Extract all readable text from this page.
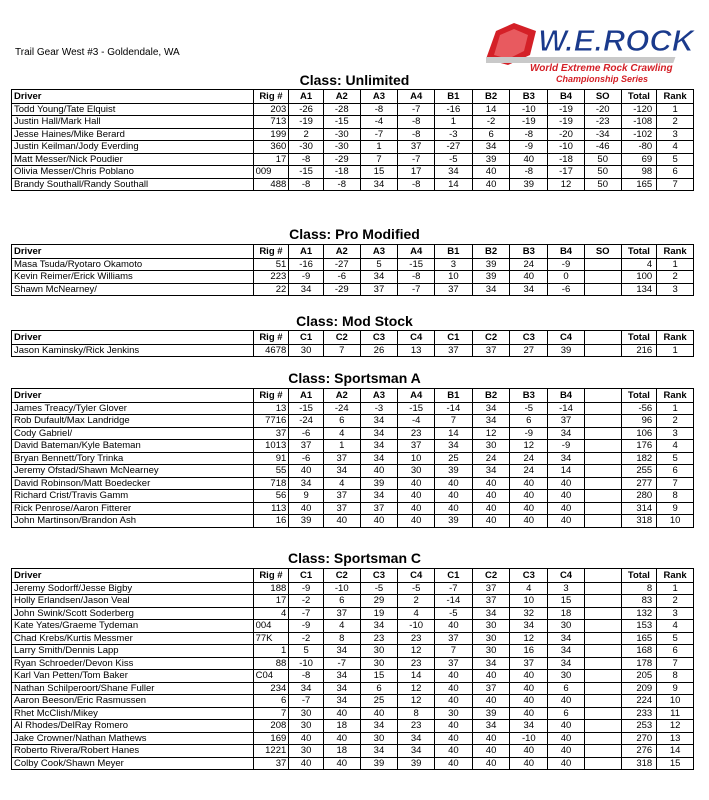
Trail Gear West #3 - Goldendale, WA	W.E.ROCK
World Extreme Rock Crawling
Championship Series
Class: Unlimited
Driver	Rig #	A1	A2	A3	A4	B1	B2	B3	B4	SO	Total	Rank
Todd Young/Tate Elquist	203	-26	-28	-8	-7	-16	14	-10	-19	-20	-120	1
Justin Hall/Mark Hall	713	-19	-15	-4	-8	1	-2	-19	-19	-23	-108	2
Jesse Haines/Mike Berard	199	2	-30	-7	-8	-3	6	-8	-20	-34	-102	3
Justin Keilman/Jody Everding	360	-30	-30	1	37	-27	34	-9	-10	-46	-80	4
Matt Messer/Nick Poudier	17	-8	-29	7	-7	-5	39	40	-18	50	69	5
Olivia Messer/Chris Poblano	009	-15	-18	15	17	34	40	-8	-17	50	98	6
Brandy Southall/Randy Southall	488	-8	-8	34	-8	14	40	39	12	50	165	7
Class: Pro Modified
Driver	Rig #	A1	A2	A3	A4	B1	B2	B3	B4	SO	Total	Rank
Masa Tsuda/Ryotaro Okamoto	51	-16	-27	5	-15	3	39	24	-9		4	1
Kevin Reimer/Erick Williams	223	-9	-6	34	-8	10	39	40	0		100	2
Shawn McNearney/	22	34	-29	37	-7	37	34	34	-6		134	3
Class: Mod Stock
Driver	Rig #	C1	C2	C3	C4	C1	C2	C3	C4		Total	Rank
Jason Kaminsky/Rick Jenkins	4678	30	7	26	13	37	37	27	39		216	1
Class: Sportsman A
Driver	Rig #	A1	A2	A3	A4	B1	B2	B3	B4		Total	Rank
James Treacy/Tyler Glover	13	-15	-24	-3	-15	-14	34	-5	-14		-56	1
Rob Dufault/Max Landridge	7716	-24	6	34	-4	7	34	6	37		96	2
Cody Gabriel/	37	-6	4	34	23	14	12	-9	34		106	3
David Bateman/Kyle Bateman	1013	37	1	34	37	34	30	12	-9		176	4
Bryan Bennett/Tory Trinka	91	-6	37	34	10	25	24	24	34		182	5
Jeremy Ofstad/Shawn McNearney	55	40	34	40	30	39	34	24	14		255	6
David Robinson/Matt Boedecker	718	34	4	39	40	40	40	40	40		277	7
Richard Crist/Travis Gamm	56	9	37	34	40	40	40	40	40		280	8
Rick Penrose/Aaron Fitterer	113	40	37	37	40	40	40	40	40		314	9
John Martinson/Brandon Ash	16	39	40	40	40	39	40	40	40		318	10
Class: Sportsman C
Driver	Rig #	C1	C2	C3	C4	C1	C2	C3	C4		Total	Rank
Jeremy Sodorff/Jesse Bigby	188	-9	-10	-5	-5	-7	37	4	3		8	1
Holly Erlandsen/Jason Veal	17	-2	6	29	2	-14	37	10	15		83	2
John Swink/Scott Soderberg	4	-7	37	19	4	-5	34	32	18		132	3
Kate Yates/Graeme Tydeman	004	-9	4	34	-10	40	30	34	30		153	4
Chad Krebs/Kurtis Messmer	77K	-2	8	23	23	37	30	12	34		165	5
Larry Smith/Dennis Lapp	1	5	34	30	12	7	30	16	34		168	6
Ryan Schroeder/Devon Kiss	88	-10	-7	30	23	37	34	37	34		178	7
Karl Van Petten/Tom Baker	C04	-8	34	15	14	40	40	40	30		205	8
Nathan Schilperoort/Shane Fuller	234	34	34	6	12	40	37	40	6		209	9
Aaron Beeson/Eric Rasmussen	6	-7	34	25	12	40	40	40	40		224	10
Rhet McClish/Mikey	7	30	40	40	8	30	39	40	6		233	11
Al Rhodes/DelRay Romero	208	30	18	34	23	40	34	34	40		253	12
Jake Crowner/Nathan Mathews	169	40	40	30	34	40	40	-10	40		270	13
Roberto Rivera/Robert Hanes	1221	30	18	34	34	40	40	40	40		276	14
Colby Cook/Shawn Meyer	37	40	40	39	39	40	40	40	40		318	15
